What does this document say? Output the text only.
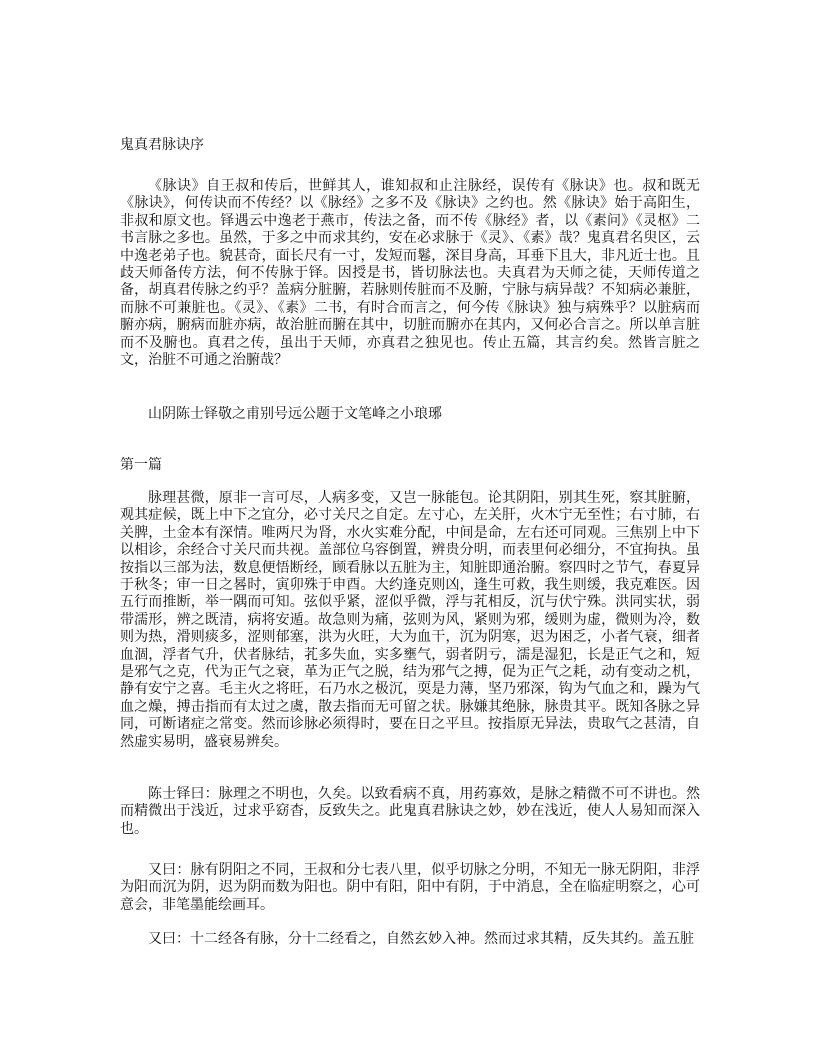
鬼真君脉诀序

《脉诀》自王叔和传后，世鲜其人，谁知叔和止注脉经，误传有《脉诀》也。叔和既无《脉诀》，何传诀而不传经？以《脉经》之多不及《脉诀》之约也。然《脉诀》始于高阳生，非叔和原文也。铎遇云中逸老于燕市，传法之备，而不传《脉经》者，以《素问》《灵枢》二书言脉之多也。虽然，于多之中而求其约，安在必求脉于《灵》、《素》哉？鬼真君名臾区，云中逸老弟子也。貌甚奇，面长尺有一寸，发短而鬈，深目身高，耳垂下且大，非凡近士也。且歧天师备传方法，何不传脉于铎。因授是书，皆切脉法也。夫真君为天师之徒，天师传道之备，胡真君传脉之约乎？盖病分脏腑，若脉则传脏而不及腑，宁脉与病异哉？不知病必兼脏，而脉不可兼脏也。《灵》、《素》二书，有时合而言之，何今传《脉诀》独与病殊乎？以脏病而腑亦病，腑病而脏亦病，故治脏而腑在其中，切脏而腑亦在其内，又何必合言之。所以单言脏而不及腑也。真君之传，虽出于天师，亦真君之独见也。传止五篇，其言约矣。然皆言脏之文，治脏不可通之治腑哉？

山阴陈士铎敬之甫别号远公题于文笔峰之小琅琊

第一篇

脉理甚微，原非一言可尽，人病多变，又岂一脉能包。论其阴阳，别其生死，察其脏腑，观其症候，既上中下之宜分，必寸关尺之自定。左寸心，左关肝，火木宁无至性；右寸肺，右关脾，土金本有深情。唯两尺为肾，水火实难分配，中间是命，左右还可同观。三焦别上中下以相诊，余经合寸关尺而共视。盖部位乌容倒置，辨贵分明，而表里何必细分，不宜拘执。虽按指以三部为法，数息便悟断经，顾看脉以五脏为主，知脏即通治腑。察四时之节气，春夏异于秋冬；审一日之晷时，寅卯殊于申酉。大约逢克则凶，逢生可救，我生则缓，我克难医。因五行而推断，举一隅而可知。弦似乎紧，涩似乎微，浮与芤相反，沉与伏宁殊。洪同实状，弱带濡形，辨之既清，病将安遁。故急则为痛，弦则为风，紧则为邪，缓则为虚，微则为冷，数则为热，滑则痰多，涩则郁塞，洪为火旺，大为血干，沉为阴寒，迟为困乏，小者气衰，细者血涸，浮者气升，伏者脉结，芤多失血，实多壅气，弱者阴亏，濡是湿犯，长是正气之和，短是邪气之克，代为正气之衰，革为正气之脱，结为邪气之搏，促为正气之耗，动有变动之机，静有安宁之喜。毛主火之将旺，石乃水之极沉，耎是力薄，坚乃邪深，钩为气血之和，躁为气血之燥，搏击指而有太过之虞，散去指而无可留之状。脉嫌其绝脉，脉贵其平。既知各脉之异同，可断诸症之常变。然而诊脉必须得时，要在日之平旦。按指原无异法，贵取气之甚清，自然虚实易明，盛衰易辨矣。

陈士铎曰：脉理之不明也，久矣。以致看病不真，用药寡效，是脉之精微不可不讲也。然而精微出于浅近，过求乎窈杳，反致失之。此鬼真君脉诀之妙，妙在浅近，使人人易知而深入也。

又曰：脉有阴阳之不同，王叔和分七表八里，似乎切脉之分明，不知无一脉无阴阳，非浮为阳而沉为阴，迟为阴而数为阳也。阴中有阳，阳中有阴，于中消息，全在临症明察之，心可意会，非笔墨能绘画耳。

又曰：十二经各有脉，分十二经看之，自然玄妙入神。然而过求其精，反失其约。盖五脏
